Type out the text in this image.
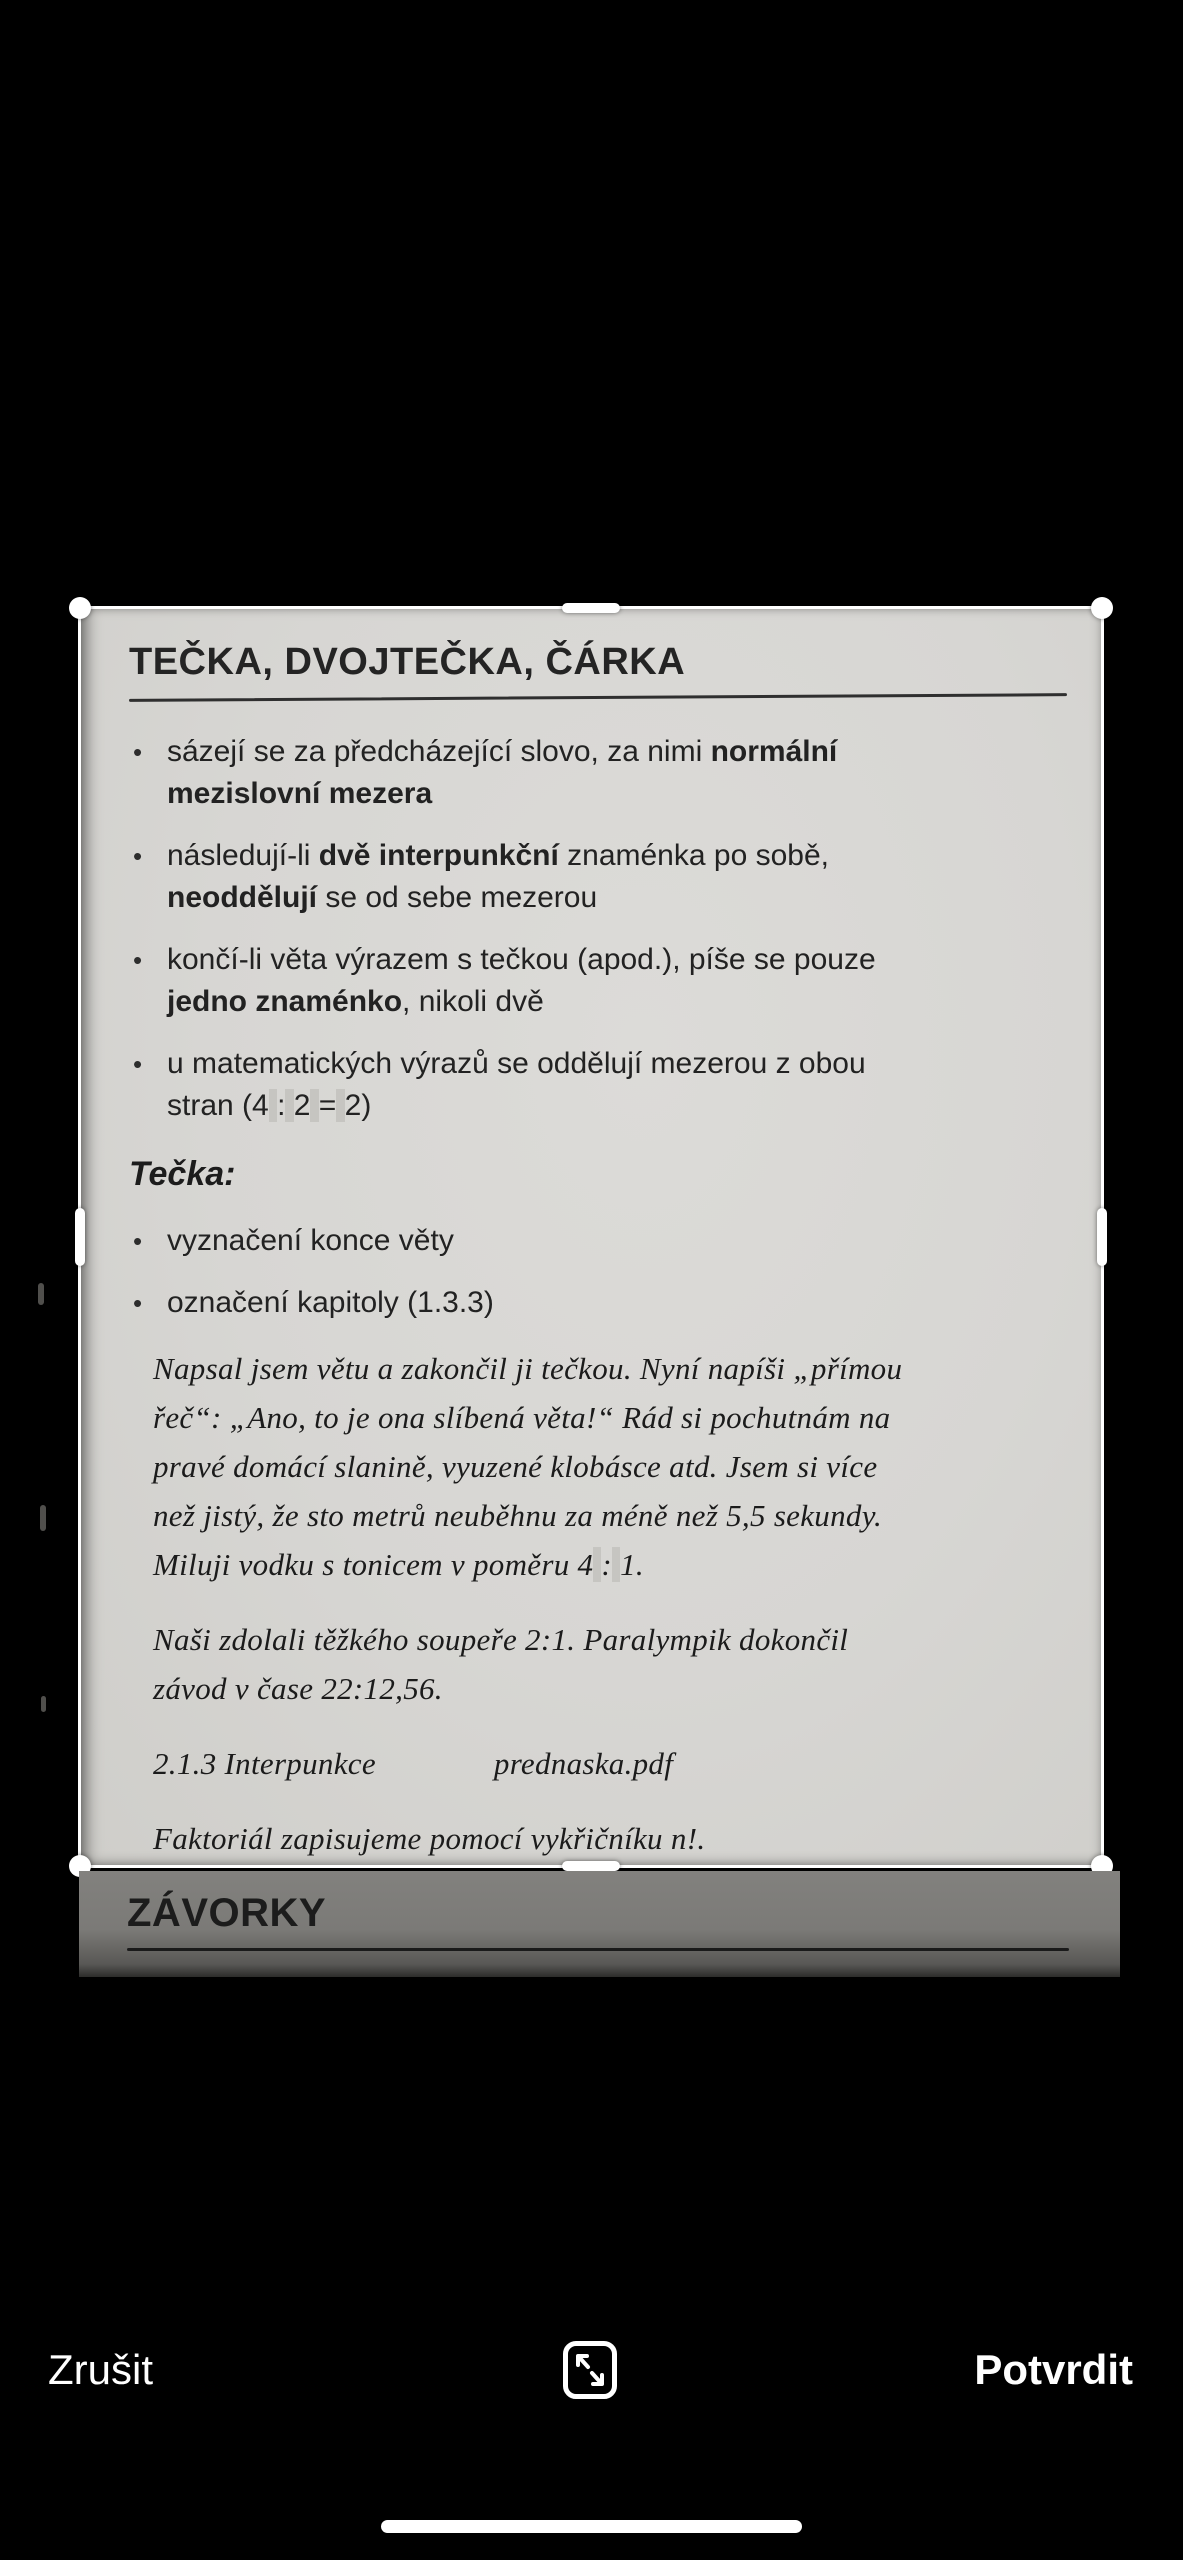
TEČKA, DVOJTEČKA, ČÁRKA
• sázejí se za předcházející slovo, za nimi normální
mezislovní mezera
• následují-li dvě interpunkční znaménka po sobě,
neoddělují se od sebe mezerou
• končí-li věta výrazem s tečkou (apod.), píše se pouze
jedno znaménko, nikoli dvě
• u matematických výrazů se oddělují mezerou z obou
stran (4 : 2 = 2)
Tečka:
• vyznačení konce věty
• označení kapitoly (1.3.3)
Napsal jsem větu a zakončil ji tečkou. Nyní napíši „přímou
řeč“: „Ano, to je ona slíbená věta!“ Rád si pochutnám na
pravé domácí slanině, vyuzené klobásce atd. Jsem si více
než jistý, že sto metrů neuběhnu za méně než 5,5 sekundy.
Miluji vodku s tonicem v poměru 4 : 1.
Naši zdolali těžkého soupeře 2:1. Paralympik dokončil
závod v čase 22:12,56.
2.1.3 Interpunkce	prednaska.pdf
Faktoriál zapisujeme pomocí vykřičníku n!.
ZÁVORKY
Zrušit	Potvrdit
